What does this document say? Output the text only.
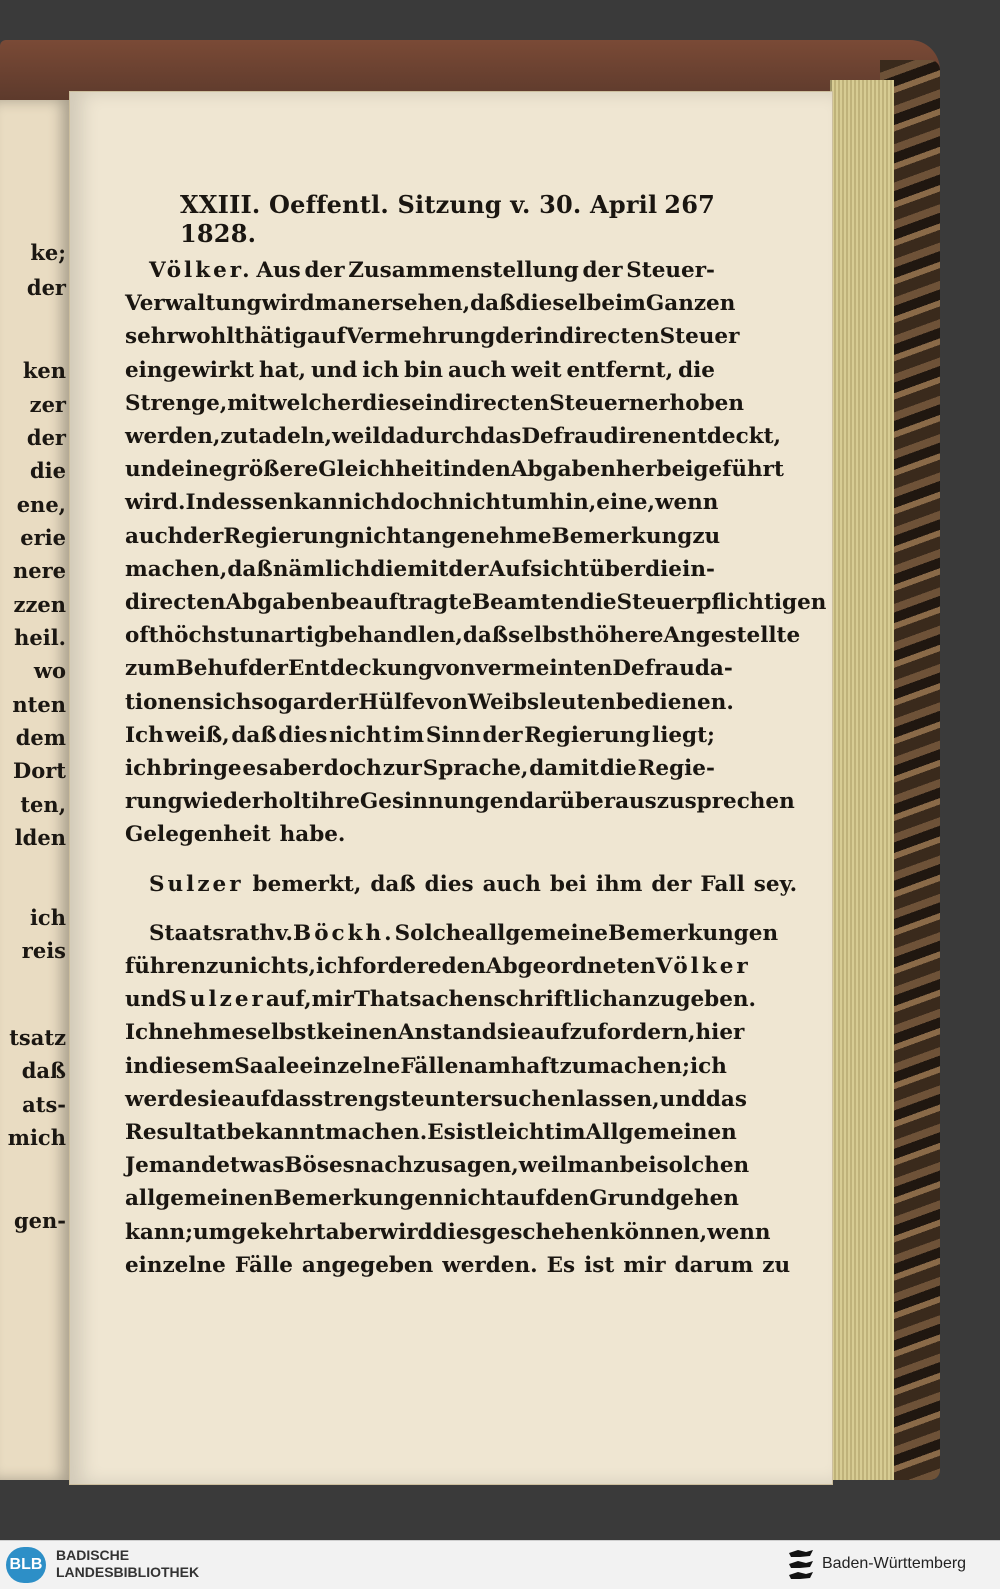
ke;
der
ken
zer
der
die
ene,
erie
nere
zzen
heil.
wo
nten
dem
Dort
ten,
lden
ich
reis
tsatz
daß
ats-
mich
gen-
XXIII. Oeffentl. Sitzung v. 30. April 1828.
267
Völker. Aus der Zusammenstellung der Steuer-
Verwaltung wird man ersehen, daß dieselbe im Ganzen
sehr wohlthätig auf Vermehrung der indirecten Steuer
eingewirkt hat, und ich bin auch weit entfernt, die
Strenge, mit welcher diese indirecten Steuern erhoben
werden, zu tadeln, weil dadurch das Defraudiren entdeckt,
und eine größere Gleichheit in den Abgaben herbeigeführt
wird. Indessen kann ich doch nicht umhin, eine, wenn
auch der Regierung nicht angenehme Bemerkung zu
machen, daß nämlich die mit der Aufsicht über die in-
directen Abgaben beauftragte Beamten die Steuerpflichtigen
oft höchst unartig behandlen, daß selbst höhere Angestellte
zum Behuf der Entdeckung von vermeinten Defrauda-
tionen sich sogar der Hülfe von Weibsleuten bedienen.
Ich weiß, daß dies nicht im Sinn der Regierung liegt;
ich bringe es aber doch zur Sprache, damit die Regie-
rung wiederholt ihre Gesinnungen darüber auszusprechen
Gelegenheit habe.
Sulzer bemerkt, daß dies auch bei ihm der Fall sey.
Staatsrath v. Böckh. Solche allgemeine Bemerkungen
führen zu nichts, ich fordere den Abgeordneten Völker
und Sulzer auf, mir Thatsachen schriftlich anzugeben.
Ich nehme selbst keinen Anstand sie aufzufordern, hier
in diesem Saale einzelne Fälle namhaft zu machen; ich
werde sie auf das strengste untersuchen lassen, und das
Resultat bekannt machen. Es ist leicht im Allgemeinen
Jemand etwas Böses nachzusagen, weil man bei solchen
allgemeinen Bemerkungen nicht auf den Grund gehen
kann; umgekehrt aber wird dies geschehen können, wenn
einzelne Fälle angegeben werden. Es ist mir darum zu
BLB
BADISCHE
LANDESBIBLIOTHEK	Baden-Württemberg
